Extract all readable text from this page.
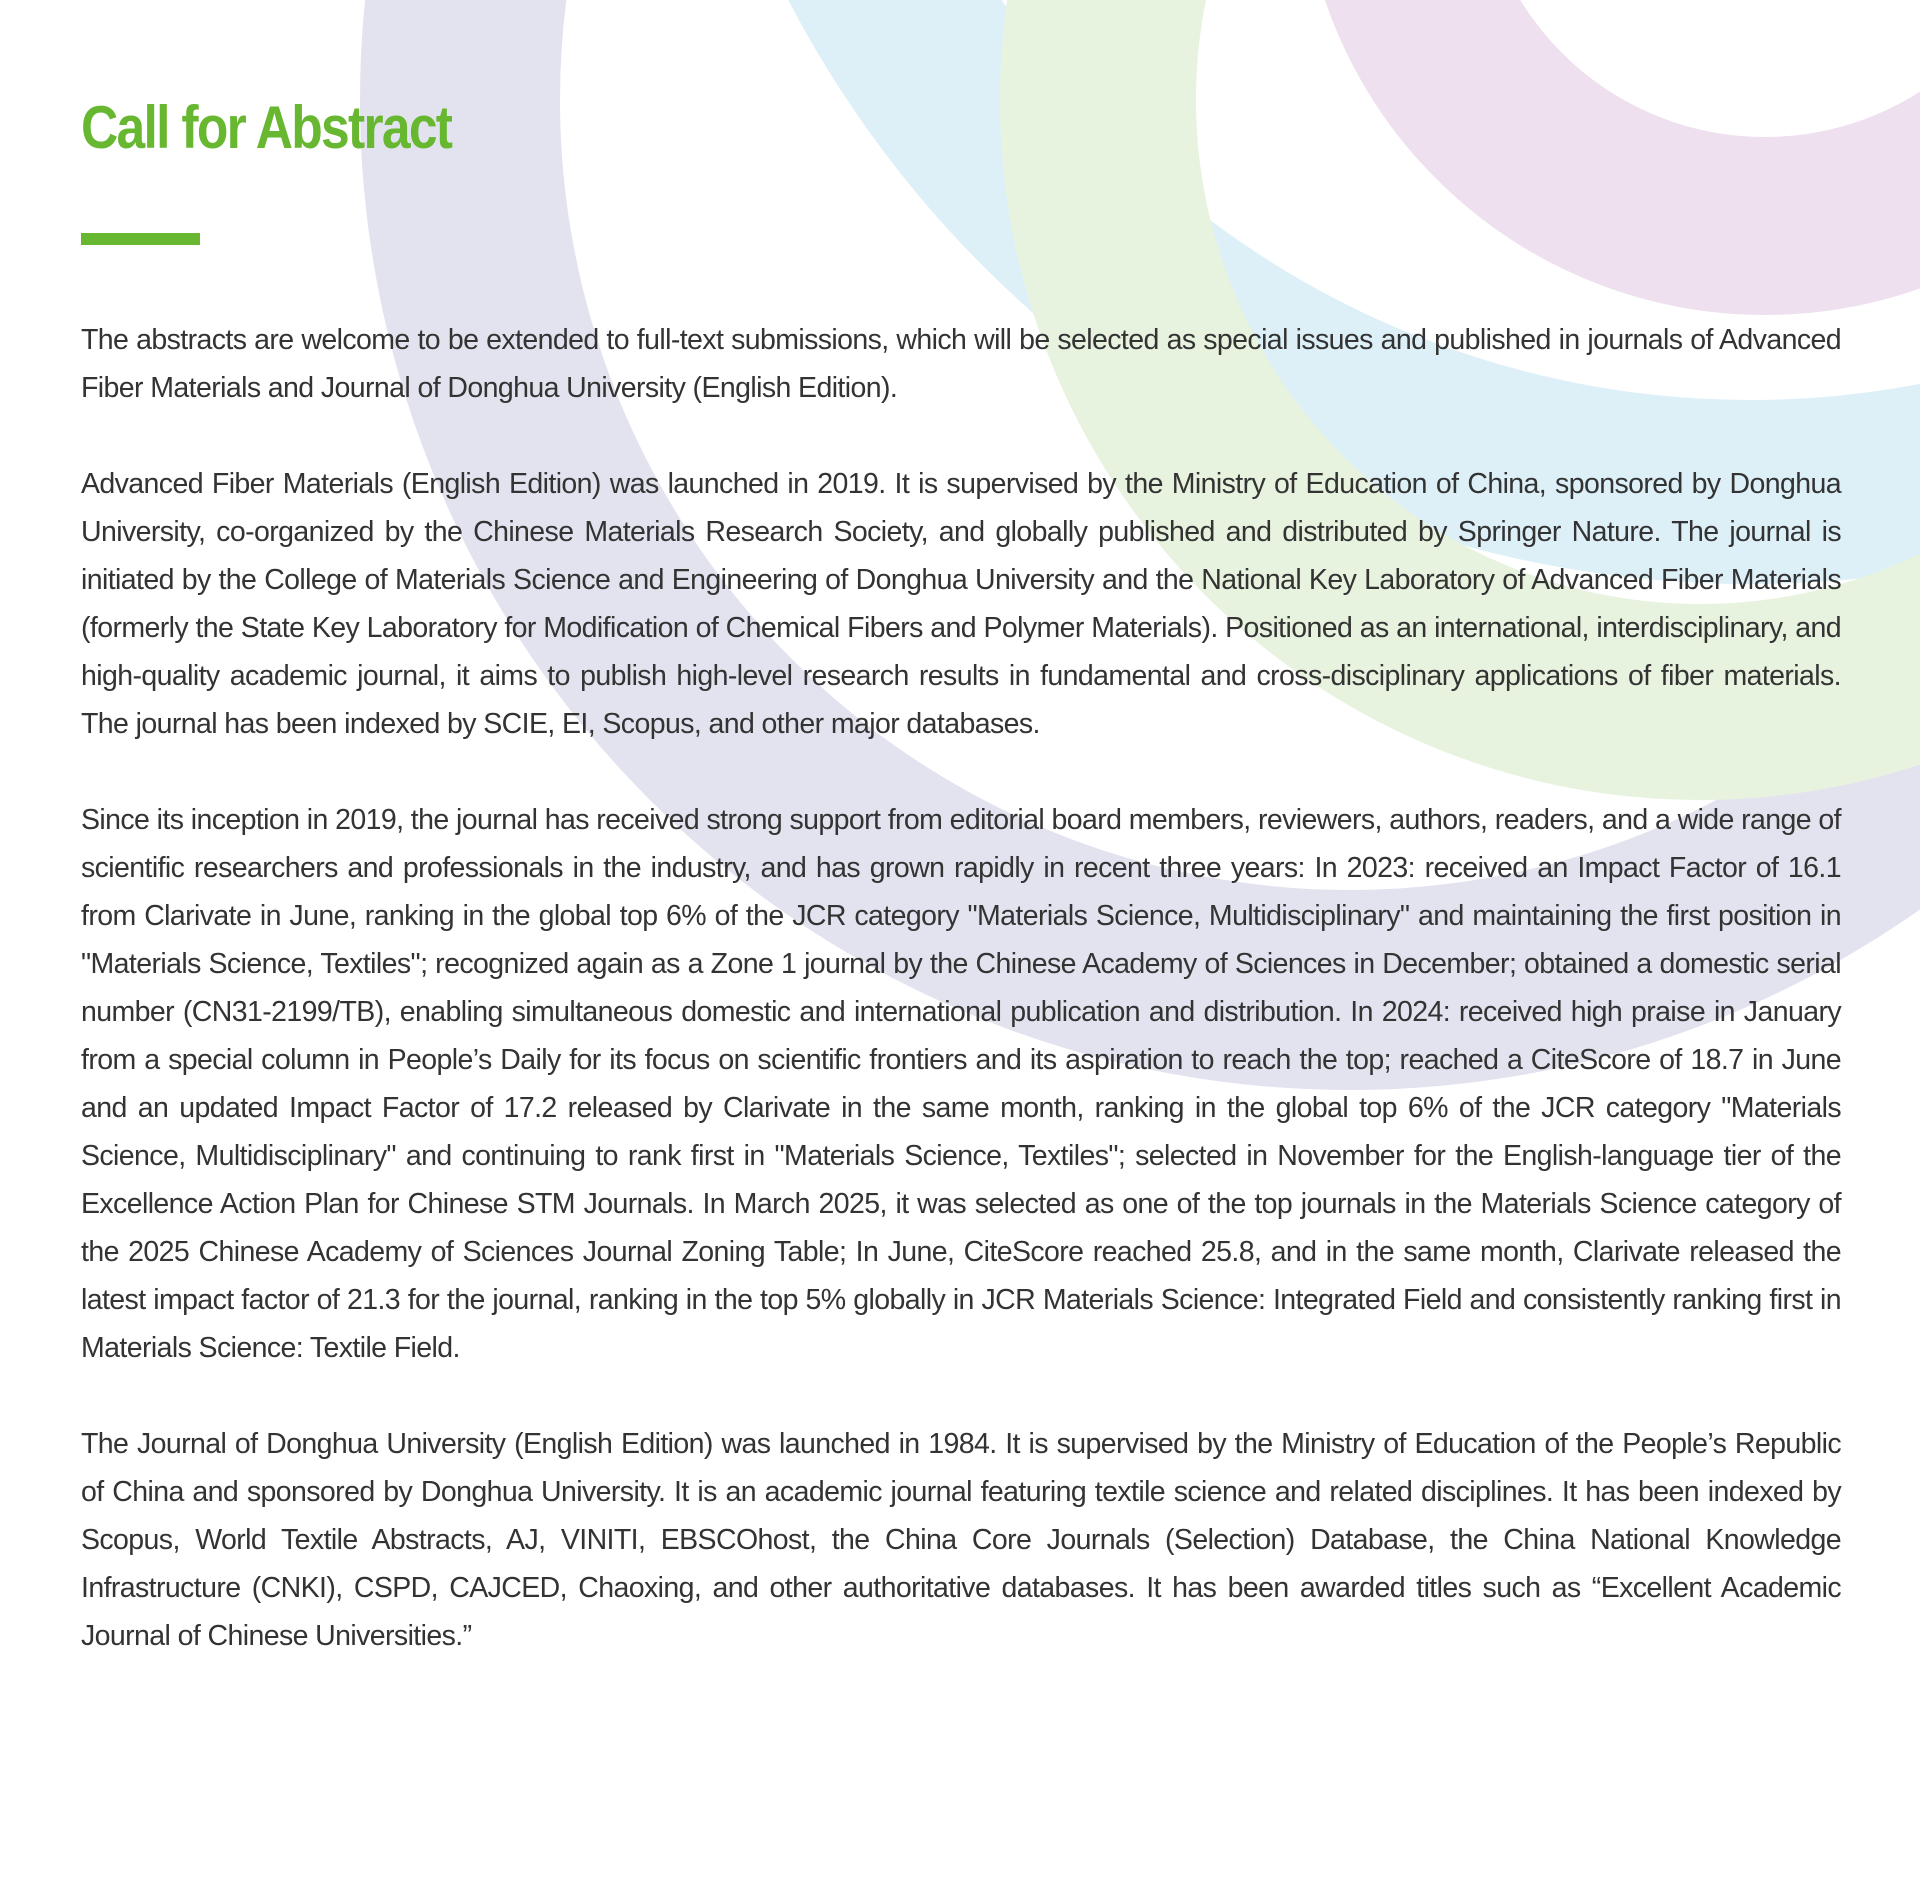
Call for Abstract

The abstracts are welcome to be extended to full-text submissions, which will be selected as special issues and published in journals of Advanced Fiber Materials and Journal of Donghua University (English Edition).

Advanced Fiber Materials (English Edition) was launched in 2019. It is supervised by the Ministry of Education of China, sponsored by Donghua University, co-organized by the Chinese Materials Research Society, and globally published and distributed by Springer Nature. The journal is initiated by the College of Materials Science and Engineering of Donghua University and the National Key Laboratory of Advanced Fiber Materials (formerly the State Key Laboratory for Modification of Chemical Fibers and Polymer Materials). Positioned as an international, interdisciplinary, and high-quality academic journal, it aims to publish high-level research results in fundamental and cross-disciplinary applications of fiber materials. The journal has been indexed by SCIE, EI, Scopus, and other major databases.

Since its inception in 2019, the journal has received strong support from editorial board members, reviewers, authors, readers, and a wide range of scientific researchers and professionals in the industry, and has grown rapidly in recent three years: In 2023: received an Impact Factor of 16.1 from Clarivate in June, ranking in the global top 6% of the JCR category "Materials Science, Multidisciplinary" and maintaining the first position in "Materials Science, Textiles"; recognized again as a Zone 1 journal by the Chinese Academy of Sciences in December; obtained a domestic serial number (CN31-2199/TB), enabling simultaneous domestic and international publication and distribution. In 2024: received high praise in January from a special column in People’s Daily for its focus on scientific frontiers and its aspiration to reach the top; reached a CiteScore of 18.7 in June and an updated Impact Factor of 17.2 released by Clarivate in the same month, ranking in the global top 6% of the JCR category "Materials Science, Multidisciplinary" and continuing to rank first in "Materials Science, Textiles"; selected in November for the English-language tier of the Excellence Action Plan for Chinese STM Journals. In March 2025, it was selected as one of the top journals in the Materials Science category of the 2025 Chinese Academy of Sciences Journal Zoning Table; In June, CiteScore reached 25.8, and in the same month, Clarivate released the latest impact factor of 21.3 for the journal, ranking in the top 5% globally in JCR Materials Science: Integrated Field and consistently ranking first in Materials Science: Textile Field.

The Journal of Donghua University (English Edition) was launched in 1984. It is supervised by the Ministry of Education of the People’s Republic of China and sponsored by Donghua University. It is an academic journal featuring textile science and related disciplines. It has been indexed by Scopus, World Textile Abstracts, AJ, VINITI, EBSCOhost, the China Core Journals (Selection) Database, the China National Knowledge Infrastructure (CNKI), CSPD, CAJCED, Chaoxing, and other authoritative databases. It has been awarded titles such as “Excellent Academic Journal of Chinese Universities.”
